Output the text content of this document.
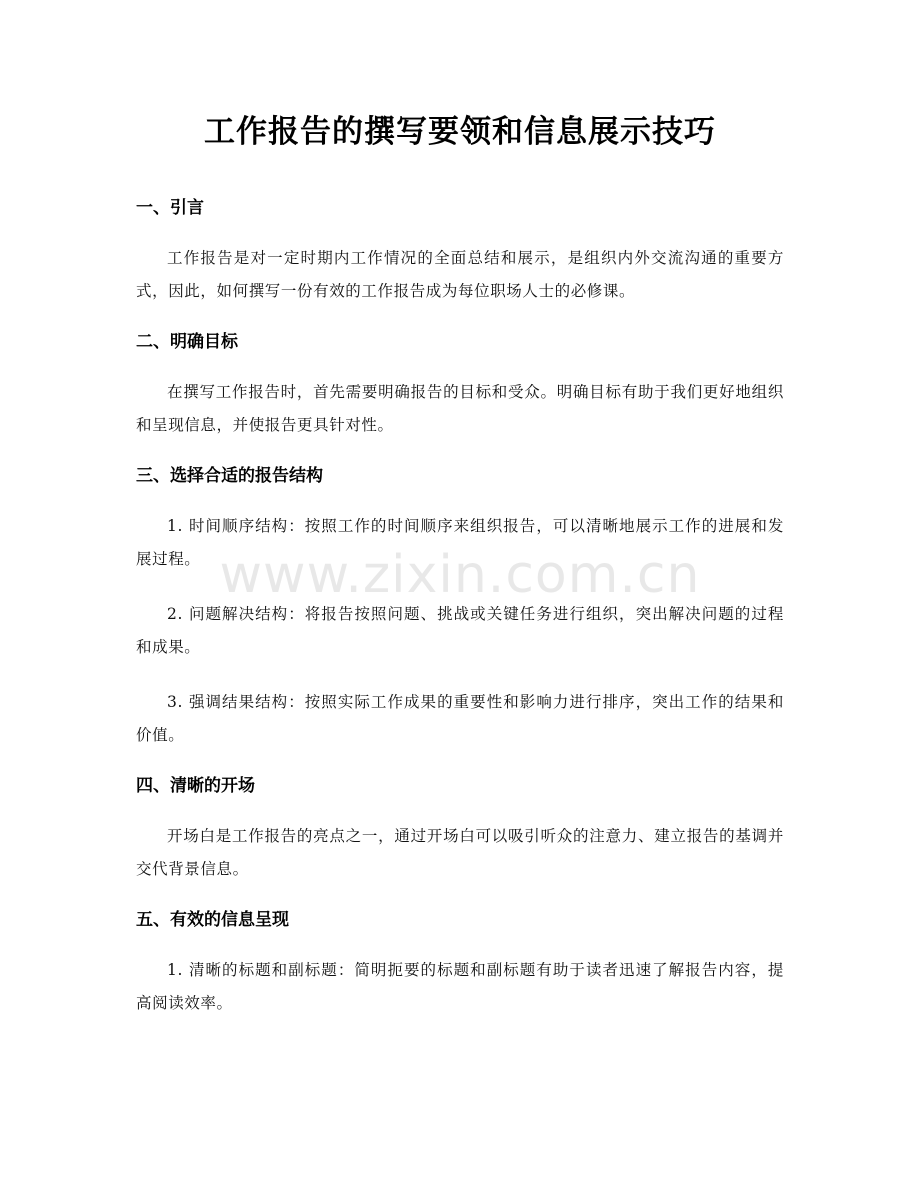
工作报告的撰写要领和信息展示技巧
一、引言

工作报告是对一定时期内工作情况的全面总结和展示，是组织内外交流沟通的重要方式，因此，如何撰写一份有效的工作报告成为每位职场人士的必修课。

二、明确目标

在撰写工作报告时，首先需要明确报告的目标和受众。明确目标有助于我们更好地组织和呈现信息，并使报告更具针对性。

三、选择合适的报告结构

1. 时间顺序结构：按照工作的时间顺序来组织报告，可以清晰地展示工作的进展和发展过程。

2. 问题解决结构：将报告按照问题、挑战或关键任务进行组织，突出解决问题的过程和成果。

3. 强调结果结构：按照实际工作成果的重要性和影响力进行排序，突出工作的结果和价值。

四、清晰的开场

开场白是工作报告的亮点之一，通过开场白可以吸引听众的注意力、建立报告的基调并交代背景信息。

五、有效的信息呈现

1. 清晰的标题和副标题：简明扼要的标题和副标题有助于读者迅速了解报告内容，提高阅读效率。

www.zixin.com.cn
